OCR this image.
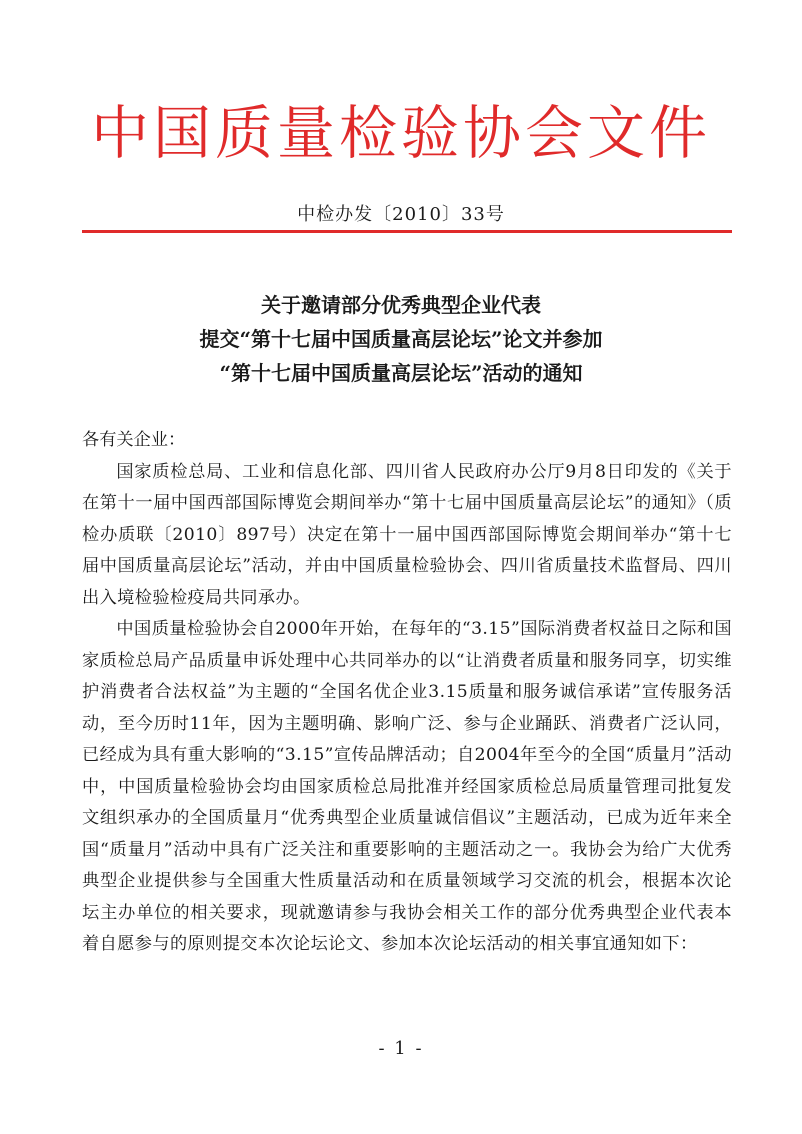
中国质量检验协会文件
中检办发〔2010〕33号
关于邀请部分优秀典型企业代表
提交“第十七届中国质量高层论坛”论文并参加
“第十七届中国质量高层论坛”活动的通知

各有关企业：

国家质检总局、工业和信息化部、四川省人民政府办公厅9月8日印发的《关于在第十一届中国西部国际博览会期间举办“第十七届中国质量高层论坛”的通知》（质检办质联〔2010〕897号）决定在第十一届中国西部国际博览会期间举办“第十七届中国质量高层论坛”活动，并由中国质量检验协会、四川省质量技术监督局、四川出入境检验检疫局共同承办。

中国质量检验协会自2000年开始，在每年的“3.15”国际消费者权益日之际和国家质检总局产品质量申诉处理中心共同举办的以“让消费者质量和服务同享，切实维护消费者合法权益”为主题的“全国名优企业3.15质量和服务诚信承诺”宣传服务活动，至今历时11年，因为主题明确、影响广泛、参与企业踊跃、消费者广泛认同，已经成为具有重大影响的“3.15”宣传品牌活动；自2004年至今的全国“质量月”活动中，中国质量检验协会均由国家质检总局批准并经国家质检总局质量管理司批复发文组织承办的全国质量月“优秀典型企业质量诚信倡议”主题活动，已成为近年来全国“质量月”活动中具有广泛关注和重要影响的主题活动之一。我协会为给广大优秀典型企业提供参与全国重大性质量活动和在质量领域学习交流的机会，根据本次论坛主办单位的相关要求，现就邀请参与我协会相关工作的部分优秀典型企业代表本着自愿参与的原则提交本次论坛论文、参加本次论坛活动的相关事宜通知如下：

- 1 -
